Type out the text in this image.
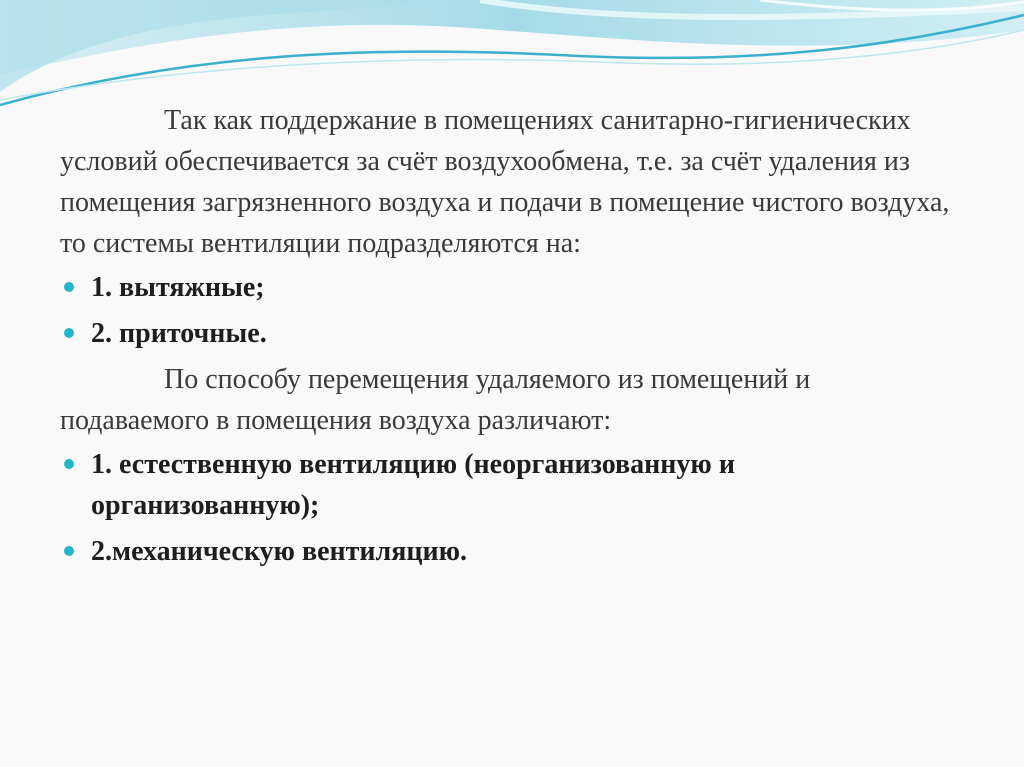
Так как поддержание в помещениях санитарно-гигиенических условий обеспечивается за счёт воздухообмена, т.е. за счёт удаления из помещения загрязненного воздуха и подачи в помещение чистого воздуха, то системы вентиляции подразделяются на:

1. вытяжные;
2. приточные.

По способу перемещения удаляемого из помещений и подаваемого в помещения воздуха различают:

1. естественную вентиляцию (неорганизованную и организованную);
2.механическую вентиляцию.
